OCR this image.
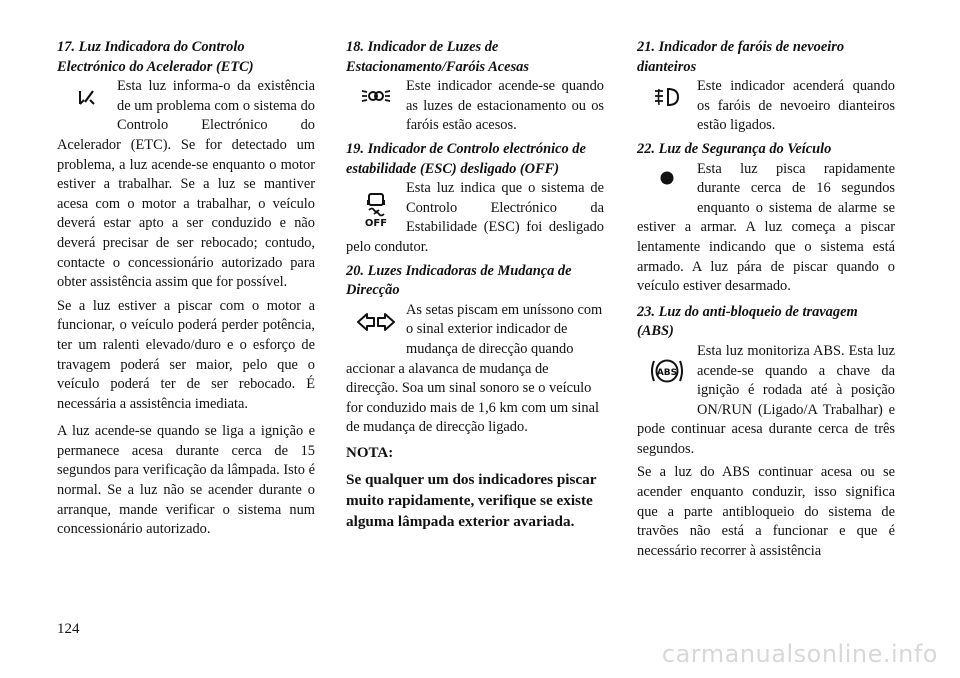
17. Luz Indicadora do Controlo Electrónico do Acelerador (ETC)

Esta luz informa-o da existência de um problema com o sistema do Controlo Electrónico do Acelerador (ETC). Se for detectado um problema, a luz acende-se enquanto o motor estiver a trabalhar. Se a luz se mantiver acesa com o motor a trabalhar, o veículo deverá estar apto a ser conduzido e não deverá precisar de ser rebocado; contudo, contacte o concessionário autorizado para obter assistência assim que for possível.

Se a luz estiver a piscar com o motor a funcionar, o veículo poderá perder potência, ter um ralenti elevado/duro e o esforço de travagem poderá ser maior, pelo que o veículo poderá ter de ser rebocado. É necessária a assistência imediata.

A luz acende-se quando se liga a ignição e permanece acesa durante cerca de 15 segundos para verificação da lâmpada. Isto é normal. Se a luz não se acender durante o arranque, mande verificar o sistema num concessionário autorizado.

18. Indicador de Luzes de Estacionamento/Faróis Acesas

Este indicador acende-se quando as luzes de estacionamento ou os faróis estão acesos.

19. Indicador de Controlo electrónico de estabilidade (ESC) desligado (OFF)

OFF

Esta luz indica que o sistema de Controlo Electrónico da Estabilidade (ESC) foi desligado pelo condutor.

20. Luzes Indicadoras de Mudança de Direcção

As setas piscam em uníssono com o sinal exterior indicador de mudança de direcção quando accionar a alavanca de mudança de direcção. Soa um sinal sonoro se o veículo for conduzido mais de 1,6 km com um sinal de mudança de direcção ligado.

NOTA:

Se qualquer um dos indicadores piscar muito rapidamente, verifique se existe alguma lâmpada exterior avariada.

21. Indicador de faróis de nevoeiro dianteiros

Este indicador acenderá quando os faróis de nevoeiro dianteiros estão ligados.

22. Luz de Segurança do Veículo

Esta luz pisca rapidamente durante cerca de 16 segundos enquanto o sistema de alarme se estiver a armar. A luz começa a piscar lentamente indicando que o sistema está armado. A luz pára de piscar quando o veículo estiver desarmado.

23. Luz do anti-bloqueio de travagem (ABS)

ABS

Esta luz monitoriza ABS. Esta luz acende-se quando a chave da ignição é rodada até à posição ON/RUN (Ligado/A Trabalhar) e pode continuar acesa durante cerca de três segundos.

Se a luz do ABS continuar acesa ou se acender enquanto conduzir, isso significa que a parte antibloqueio do sistema de travões não está a funcionar e que é necessário recorrer à assistência

124
carmanualsonline.info
